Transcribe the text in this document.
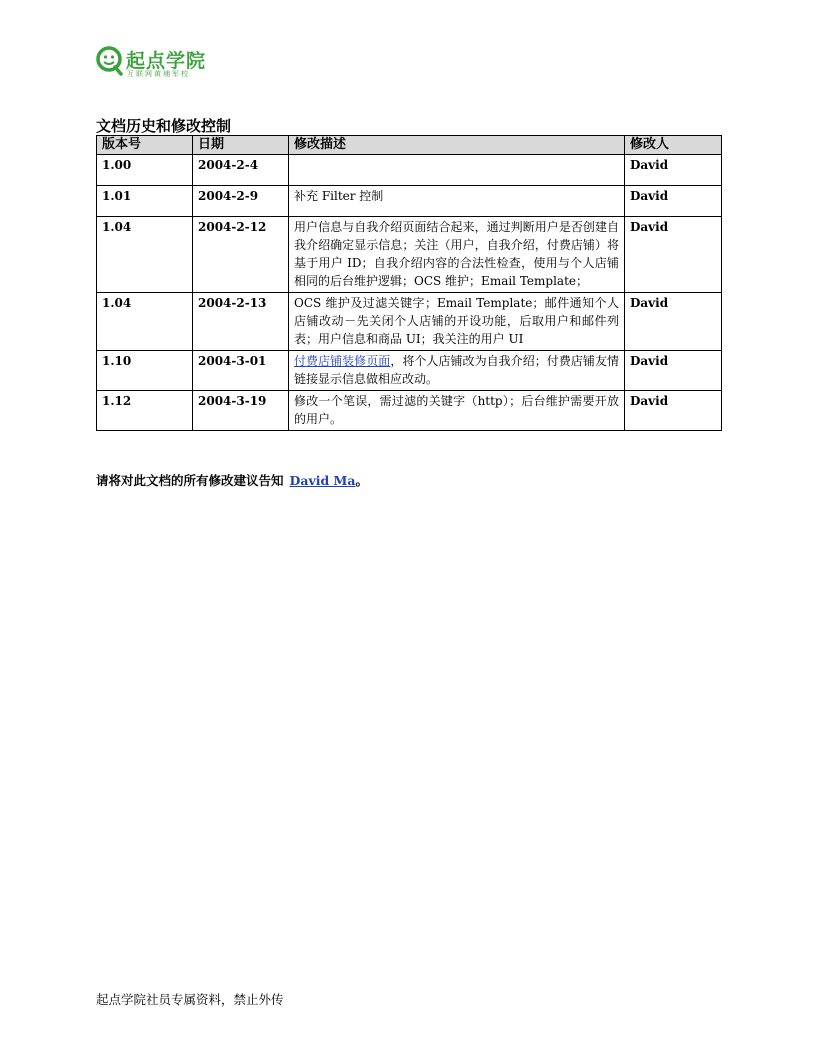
起点学院
互联网黄埔军校
文档历史和修改控制
版本号	日期	修改描述	修改人
1.00	2004-2-4		David
1.01	2004-2-9	补充 Filter 控制	David
1.04	2004-2-12	用户信息与自我介绍页面结合起来，通过判断用户是否创建自我介绍确定显示信息；关注（用户，自我介绍，付费店铺）将基于用户 ID；自我介绍内容的合法性检查，使用与个人店铺相同的后台维护逻辑；OCS 维护；Email Template；	David
1.04	2004-2-13	OCS 维护及过滤关键字；Email Template；邮件通知个人店铺改动－先关闭个人店铺的开设功能，后取用户和邮件列表；用户信息和商品 UI；我关注的用户 UI	David
1.10	2004-3-01	付费店铺装修页面，将个人店铺改为自我介绍；付费店铺友情链接显示信息做相应改动。	David
1.12	2004-3-19	修改一个笔误，需过滤的关键字（http）；后台维护需要开放的用户。	David
请将对此文档的所有修改建议告知 David Ma。
起点学院社员专属资料，禁止外传
